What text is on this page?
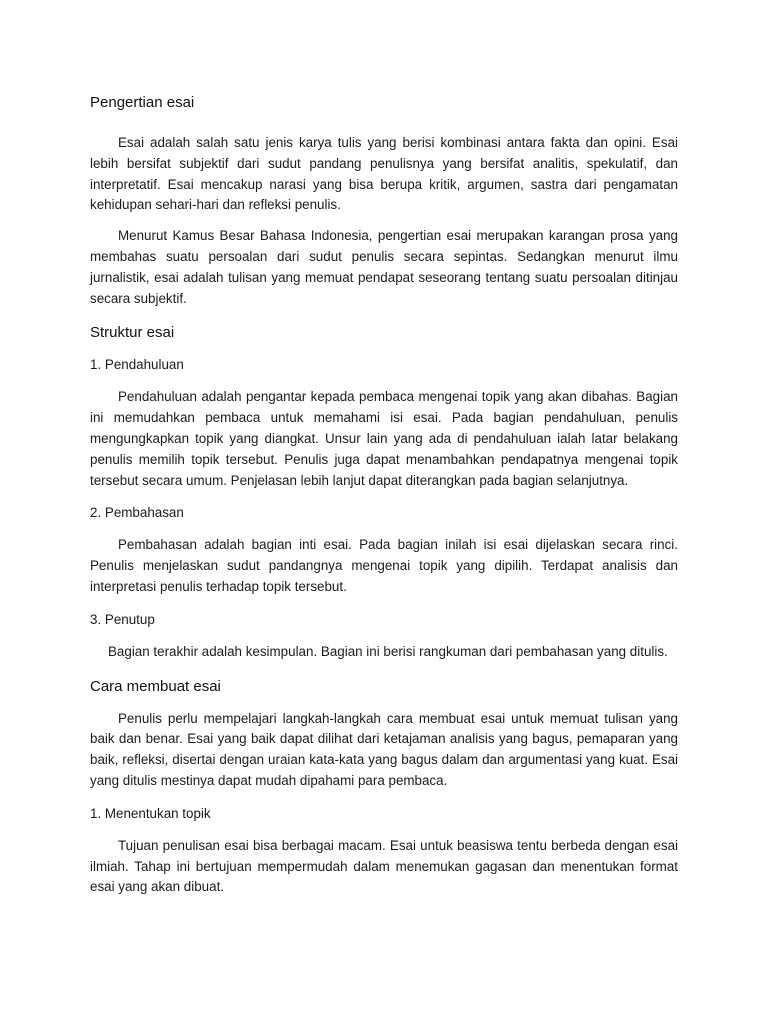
Pengertian esai

Esai adalah salah satu jenis karya tulis yang berisi kombinasi antara fakta dan opini. Esai lebih bersifat subjektif dari sudut pandang penulisnya yang bersifat analitis, spekulatif, dan interpretatif. Esai mencakup narasi yang bisa berupa kritik, argumen, sastra dari pengamatan kehidupan sehari-hari dan refleksi penulis.

Menurut Kamus Besar Bahasa Indonesia, pengertian esai merupakan karangan prosa yang membahas suatu persoalan dari sudut penulis secara sepintas. Sedangkan menurut ilmu jurnalistik, esai adalah tulisan yang memuat pendapat seseorang tentang suatu persoalan ditinjau secara subjektif.

Struktur esai
1. Pendahuluan

Pendahuluan adalah pengantar kepada pembaca mengenai topik yang akan dibahas. Bagian ini memudahkan pembaca untuk memahami isi esai. Pada bagian pendahuluan, penulis mengungkapkan topik yang diangkat. Unsur lain yang ada di pendahuluan ialah latar belakang penulis memilih topik tersebut. Penulis juga dapat menambahkan pendapatnya mengenai topik tersebut secara umum. Penjelasan lebih lanjut dapat diterangkan pada bagian selanjutnya.

2. Pembahasan

Pembahasan adalah bagian inti esai. Pada bagian inilah isi esai dijelaskan secara rinci. Penulis menjelaskan sudut pandangnya mengenai topik yang dipilih. Terdapat analisis dan interpretasi penulis terhadap topik tersebut.

3. Penutup

Bagian terakhir adalah kesimpulan. Bagian ini berisi rangkuman dari pembahasan yang ditulis.

Cara membuat esai

Penulis perlu mempelajari langkah-langkah cara membuat esai untuk memuat tulisan yang baik dan benar. Esai yang baik dapat dilihat dari ketajaman analisis yang bagus, pemaparan yang baik, refleksi, disertai dengan uraian kata-kata yang bagus dalam dan argumentasi yang kuat. Esai yang ditulis mestinya dapat mudah dipahami para pembaca.

1. Menentukan topik

Tujuan penulisan esai bisa berbagai macam. Esai untuk beasiswa tentu berbeda dengan esai ilmiah. Tahap ini bertujuan mempermudah dalam menemukan gagasan dan menentukan format esai yang akan dibuat.
